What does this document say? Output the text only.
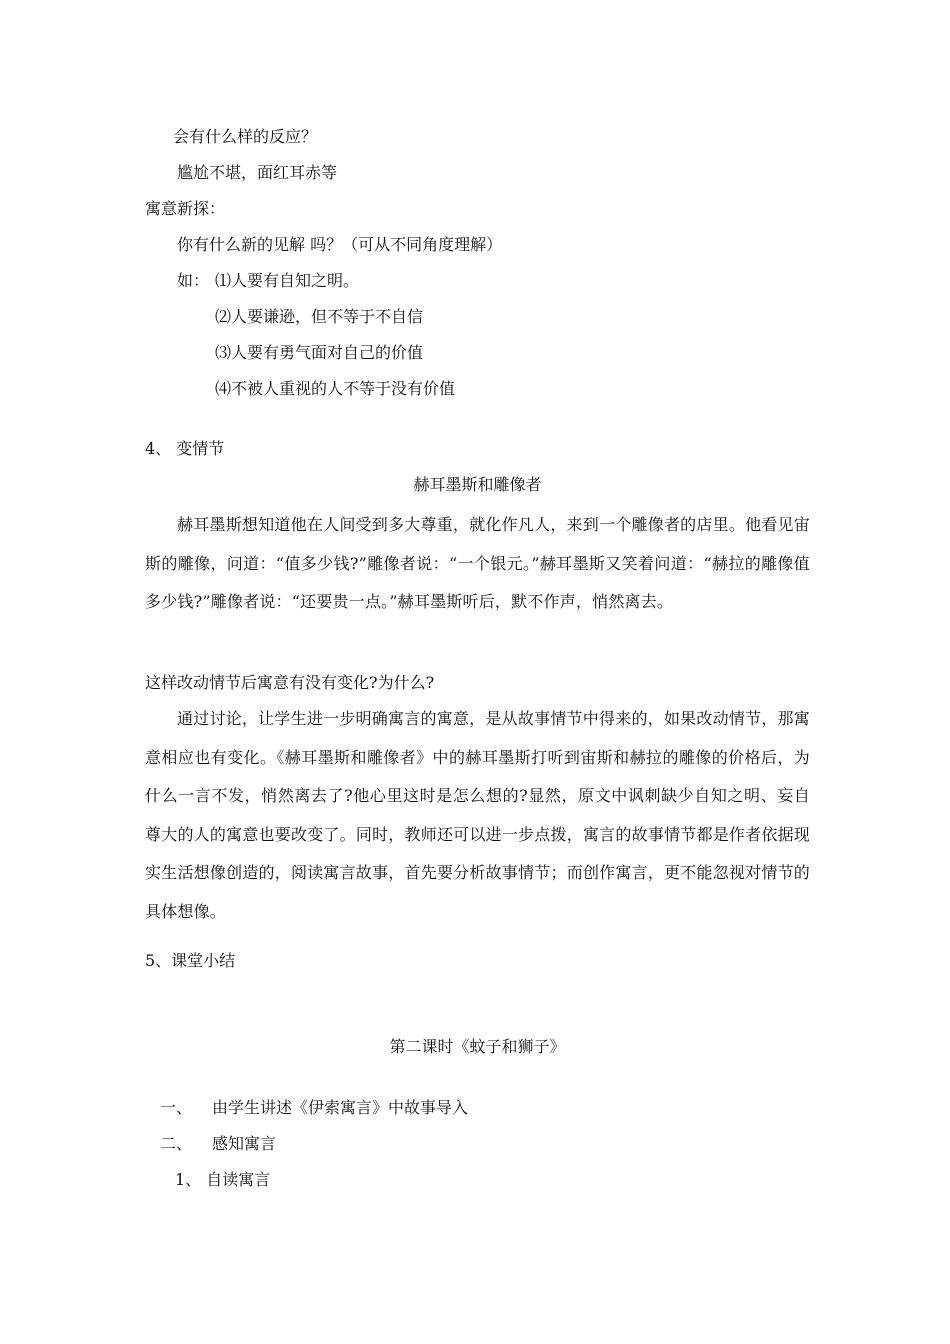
会有什么样的反应？
尴尬不堪，面红耳赤等
寓意新探：
你有什么新的见解 吗？（可从不同角度理解）
如： ⑴人要有自知之明。
⑵人要谦逊，但不等于不自信
⑶人要有勇气面对自己的价值
⑷不被人重视的人不等于没有价值
4、 变情节
赫耳墨斯和雕像者
赫耳墨斯想知道他在人间受到多大尊重，就化作凡人，来到一个雕像者的店里。他看见宙斯的雕像，问道：“值多少钱?”雕像者说：“一个银元。”赫耳墨斯又笑着问道：“赫拉的雕像值多少钱?”雕像者说：“还要贵一点。”赫耳墨斯听后，默不作声，悄然离去。
这样改动情节后寓意有没有变化?为什么?
通过讨论，让学生进一步明确寓言的寓意，是从故事情节中得来的，如果改动情节，那寓意相应也有变化。《赫耳墨斯和雕像者》中的赫耳墨斯打听到宙斯和赫拉的雕像的价格后，为什么一言不发，悄然离去了?他心里这时是怎么想的?显然，原文中讽刺缺少自知之明、妄自尊大的人的寓意也要改变了。同时，教师还可以进一步点拨，寓言的故事情节都是作者依据现实生活想像创造的，阅读寓言故事，首先要分析故事情节；而创作寓言，更不能忽视对情节的具体想像。
5、课堂小结
第二课时《蚊子和狮子》
一、 由学生讲述《伊索寓言》中故事导入
二、 感知寓言
1、 自读寓言
